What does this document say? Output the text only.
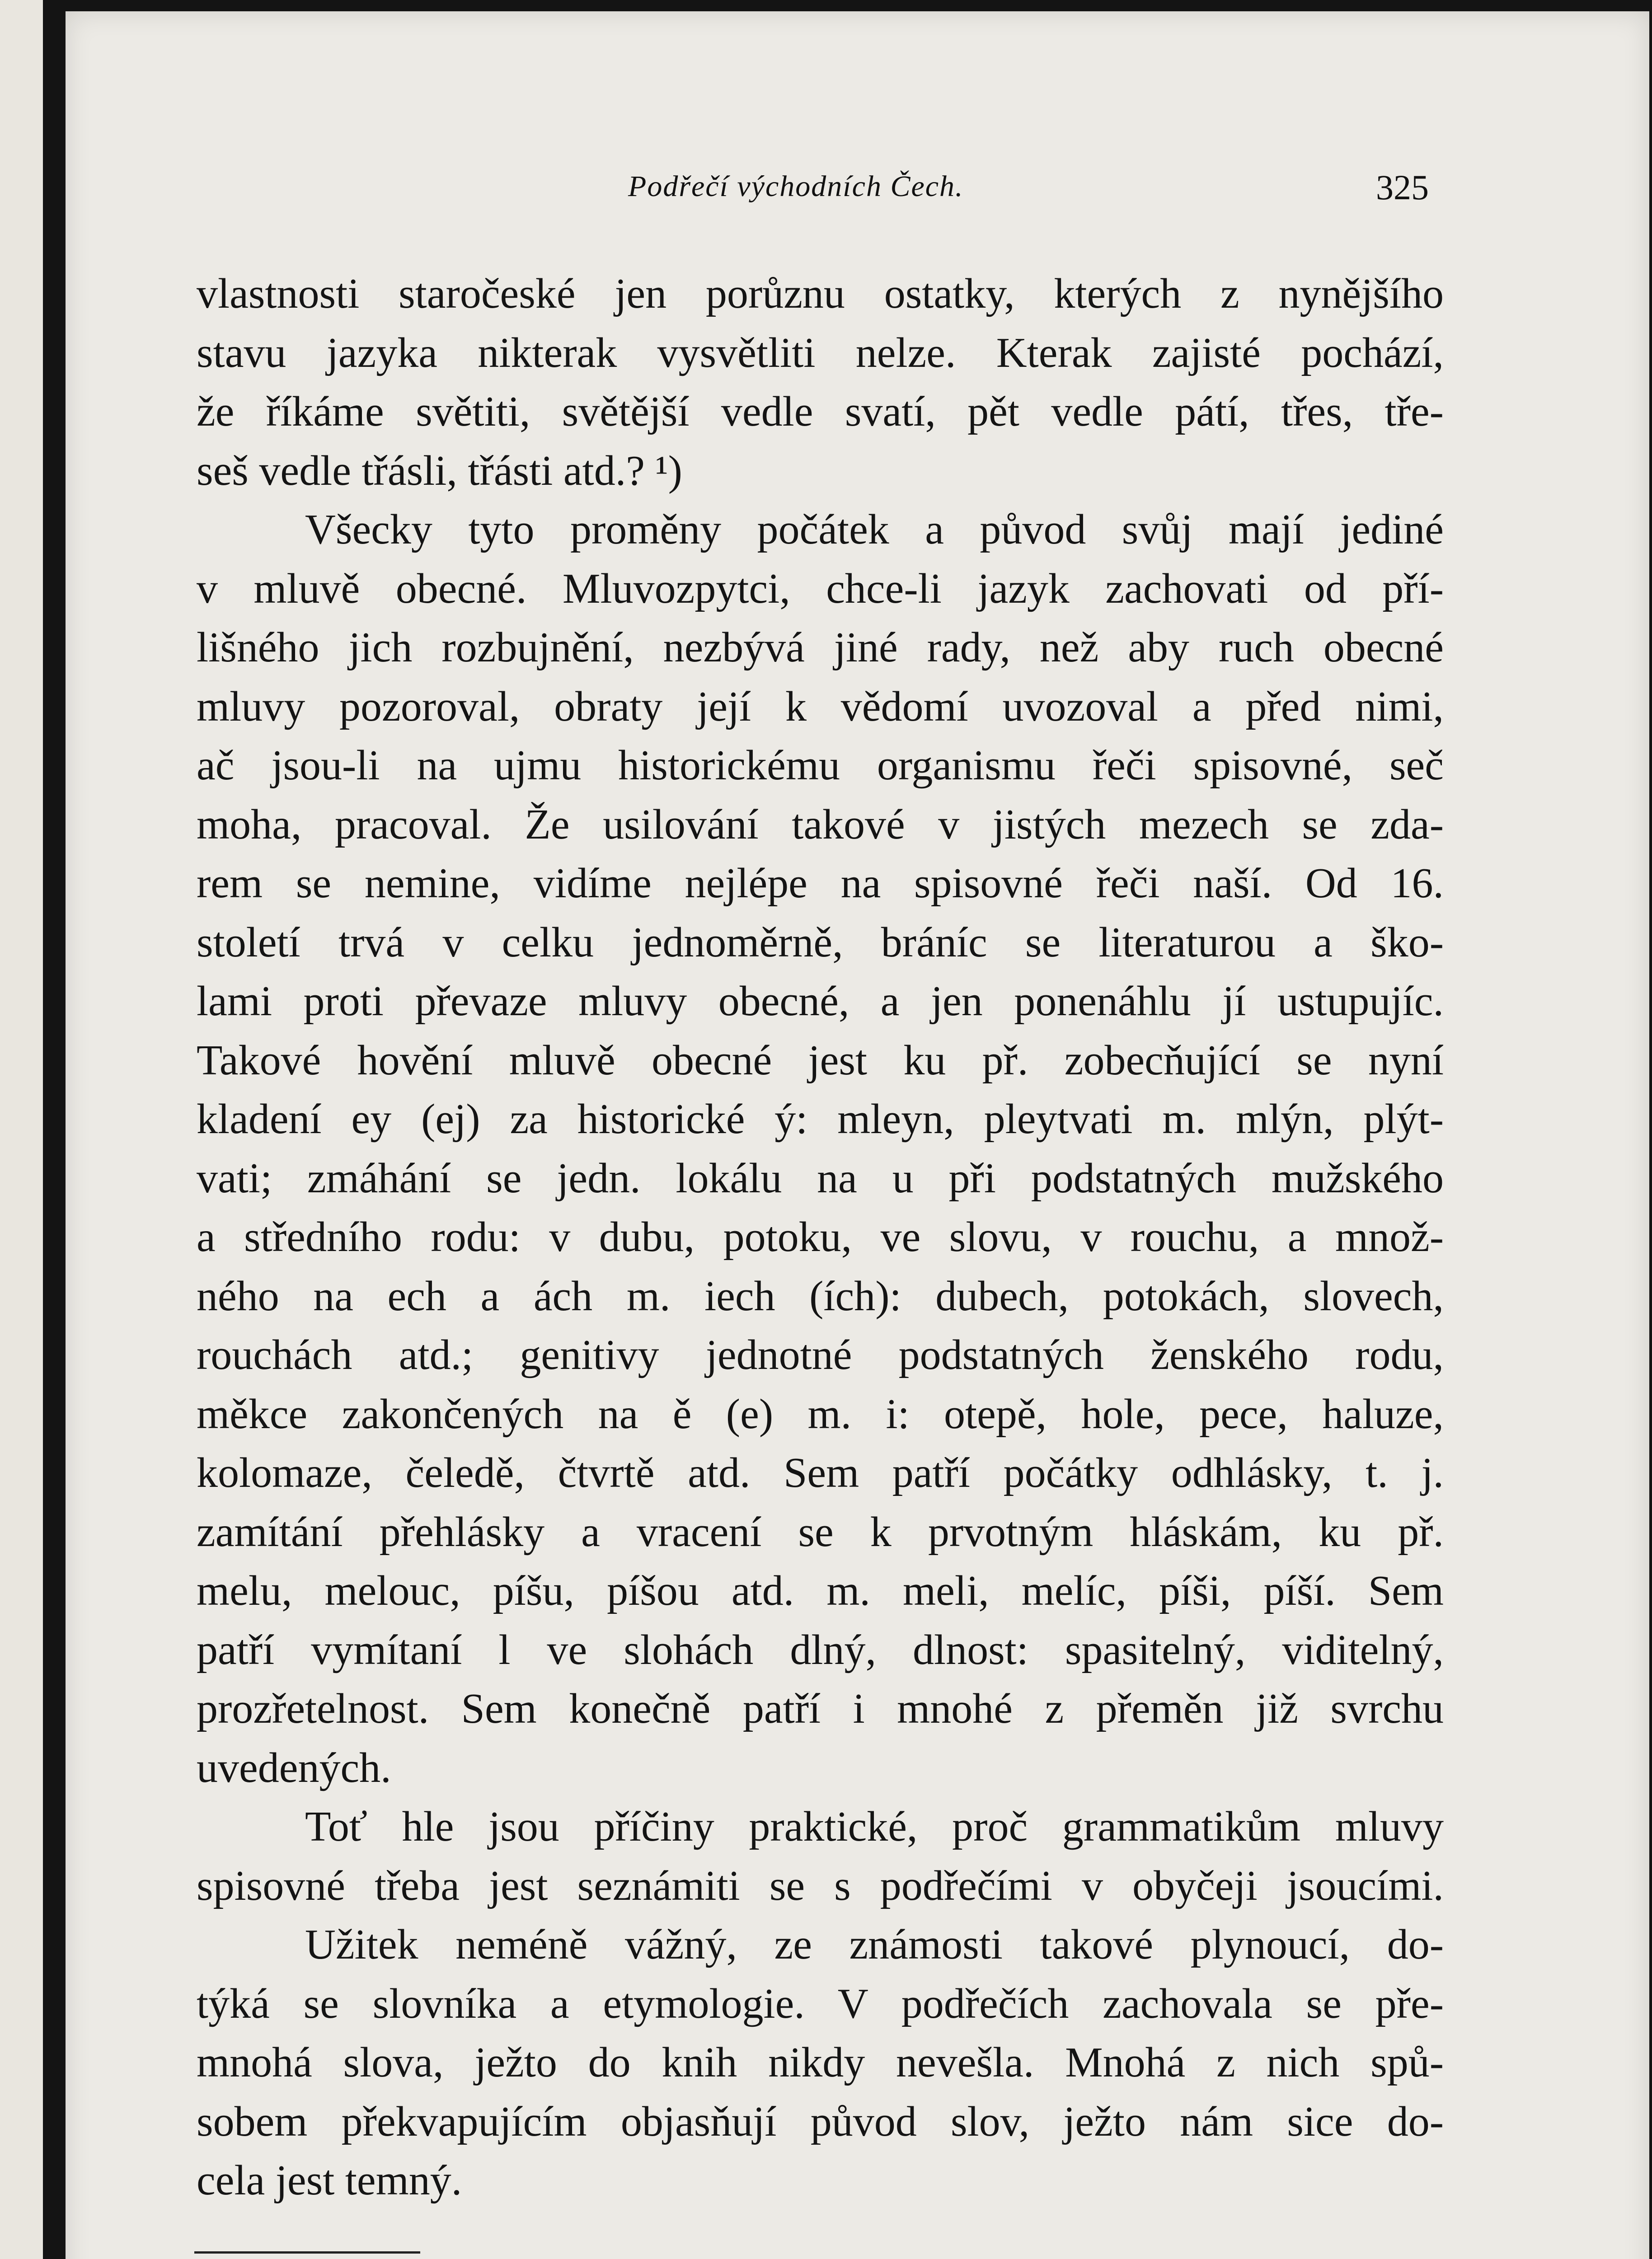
Podřečí východních Čech.	325
vlastnosti staročeské jen porůznu ostatky, kterých z nynějšího
stavu jazyka nikterak vysvětliti nelze. Kterak zajisté pochází,
že říkáme světiti, světější vedle svatí, pět vedle pátí, třes, tře-
seš vedle třásli, třásti atd.? ¹)
Všecky tyto proměny počátek a původ svůj mají jediné
v mluvě obecné. Mluvozpytci, chce-li jazyk zachovati od pří-
lišného jich rozbujnění, nezbývá jiné rady, než aby ruch obecné
mluvy pozoroval, obraty její k vědomí uvozoval a před nimi,
ač jsou-li na ujmu historickému organismu řeči spisovné, seč
moha, pracoval. Že usilování takové v jistých mezech se zda-
rem se nemine, vidíme nejlépe na spisovné řeči naší. Od 16.
století trvá v celku jednoměrně, bráníc se literaturou a ško-
lami proti převaze mluvy obecné, a jen ponenáhlu jí ustupujíc.
Takové hovění mluvě obecné jest ku př. zobecňující se nyní
kladení ey (ej) za historické ý: mleyn, pleytvati m. mlýn, plýt-
vati; zmáhání se jedn. lokálu na u při podstatných mužského
a středního rodu: v dubu, potoku, ve slovu, v rouchu, a množ-
ného na ech a ách m. iech (ích): dubech, potokách, slovech,
rouchách atd.; genitivy jednotné podstatných ženského rodu,
měkce zakončených na ě (e) m. i: otepě, hole, pece, haluze,
kolomaze, čeledě, čtvrtě atd. Sem patří počátky odhlásky, t. j.
zamítání přehlásky a vracení se k prvotným hláskám, ku př.
melu, melouc, píšu, píšou atd. m. meli, melíc, píši, píší. Sem
patří vymítaní l ve slohách dlný, dlnost: spasitelný, viditelný,
prozřetelnost. Sem konečně patří i mnohé z přeměn již svrchu
uvedených.
Toť hle jsou příčiny praktické, proč grammatikům mluvy
spisovné třeba jest seznámiti se s podřečími v obyčeji jsoucími.
Užitek neméně vážný, ze známosti takové plynoucí, do-
týká se slovníka a etymologie. V podřečích zachovala se pře-
mnohá slova, ježto do knih nikdy nevešla. Mnohá z nich spů-
sobem překvapujícím objasňují původ slov, ježto nám sice do-
cela jest temný.
